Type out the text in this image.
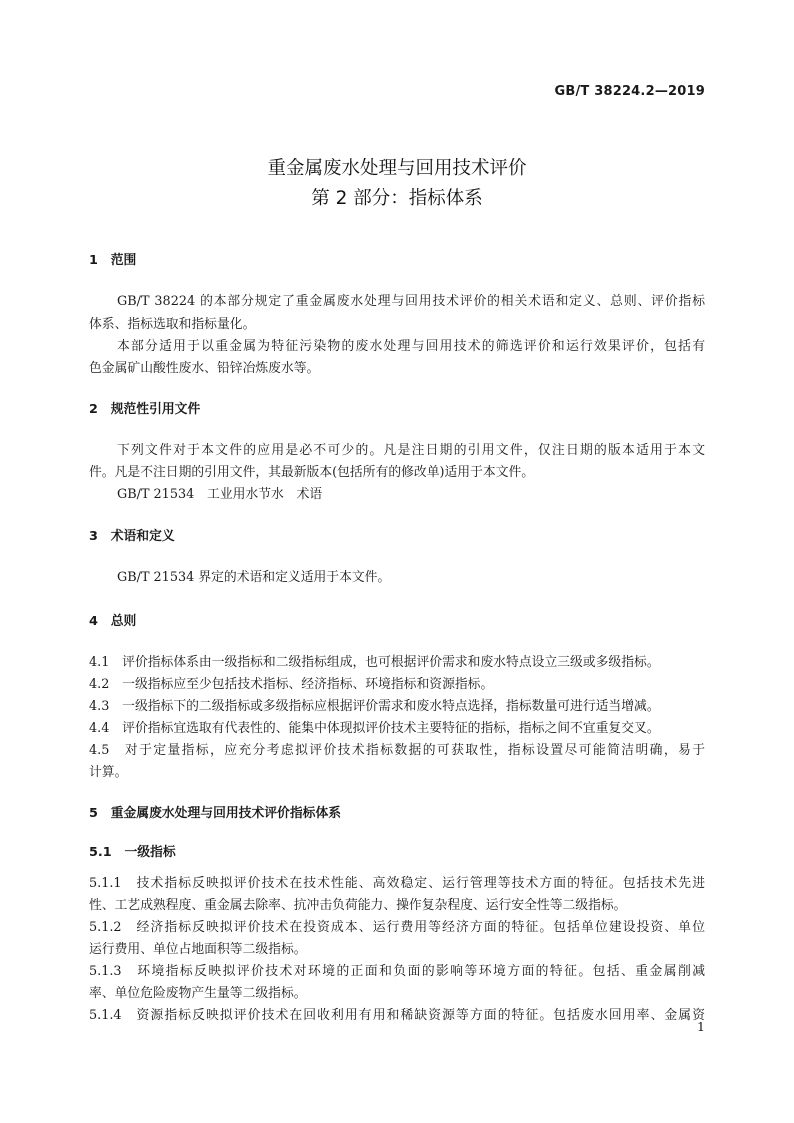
GB/T 38224.2—2019
重金属废水处理与回用技术评价
第 2 部分：指标体系
1　范围
GB/T 38224 的本部分规定了重金属废水处理与回用技术评价的相关术语和定义、总则、评价指标
体系、指标选取和指标量化。
本部分适用于以重金属为特征污染物的废水处理与回用技术的筛选评价和运行效果评价，包括有
色金属矿山酸性废水、铅锌冶炼废水等。
2　规范性引用文件
下列文件对于本文件的应用是必不可少的。凡是注日期的引用文件，仅注日期的版本适用于本文
件。凡是不注日期的引用文件，其最新版本(包括所有的修改单)适用于本文件。
GB/T 21534　工业用水节水　术语
3　术语和定义
GB/T 21534 界定的术语和定义适用于本文件。
4　总则
4.1　评价指标体系由一级指标和二级指标组成，也可根据评价需求和废水特点设立三级或多级指标。
4.2　一级指标应至少包括技术指标、经济指标、环境指标和资源指标。
4.3　一级指标下的二级指标或多级指标应根据评价需求和废水特点选择，指标数量可进行适当增减。
4.4　评价指标宜选取有代表性的、能集中体现拟评价技术主要特征的指标，指标之间不宜重复交叉。
4.5　对于定量指标，应充分考虑拟评价技术指标数据的可获取性，指标设置尽可能简洁明确，易于
计算。
5　重金属废水处理与回用技术评价指标体系
5.1　一级指标
5.1.1　技术指标反映拟评价技术在技术性能、高效稳定、运行管理等技术方面的特征。包括技术先进
性、工艺成熟程度、重金属去除率、抗冲击负荷能力、操作复杂程度、运行安全性等二级指标。
5.1.2　经济指标反映拟评价技术在投资成本、运行费用等经济方面的特征。包括单位建设投资、单位
运行费用、单位占地面积等二级指标。
5.1.3　环境指标反映拟评价技术对环境的正面和负面的影响等环境方面的特征。包括、重金属削减
率、单位危险废物产生量等二级指标。
5.1.4　资源指标反映拟评价技术在回收利用有用和稀缺资源等方面的特征。包括废水回用率、金属资
1
